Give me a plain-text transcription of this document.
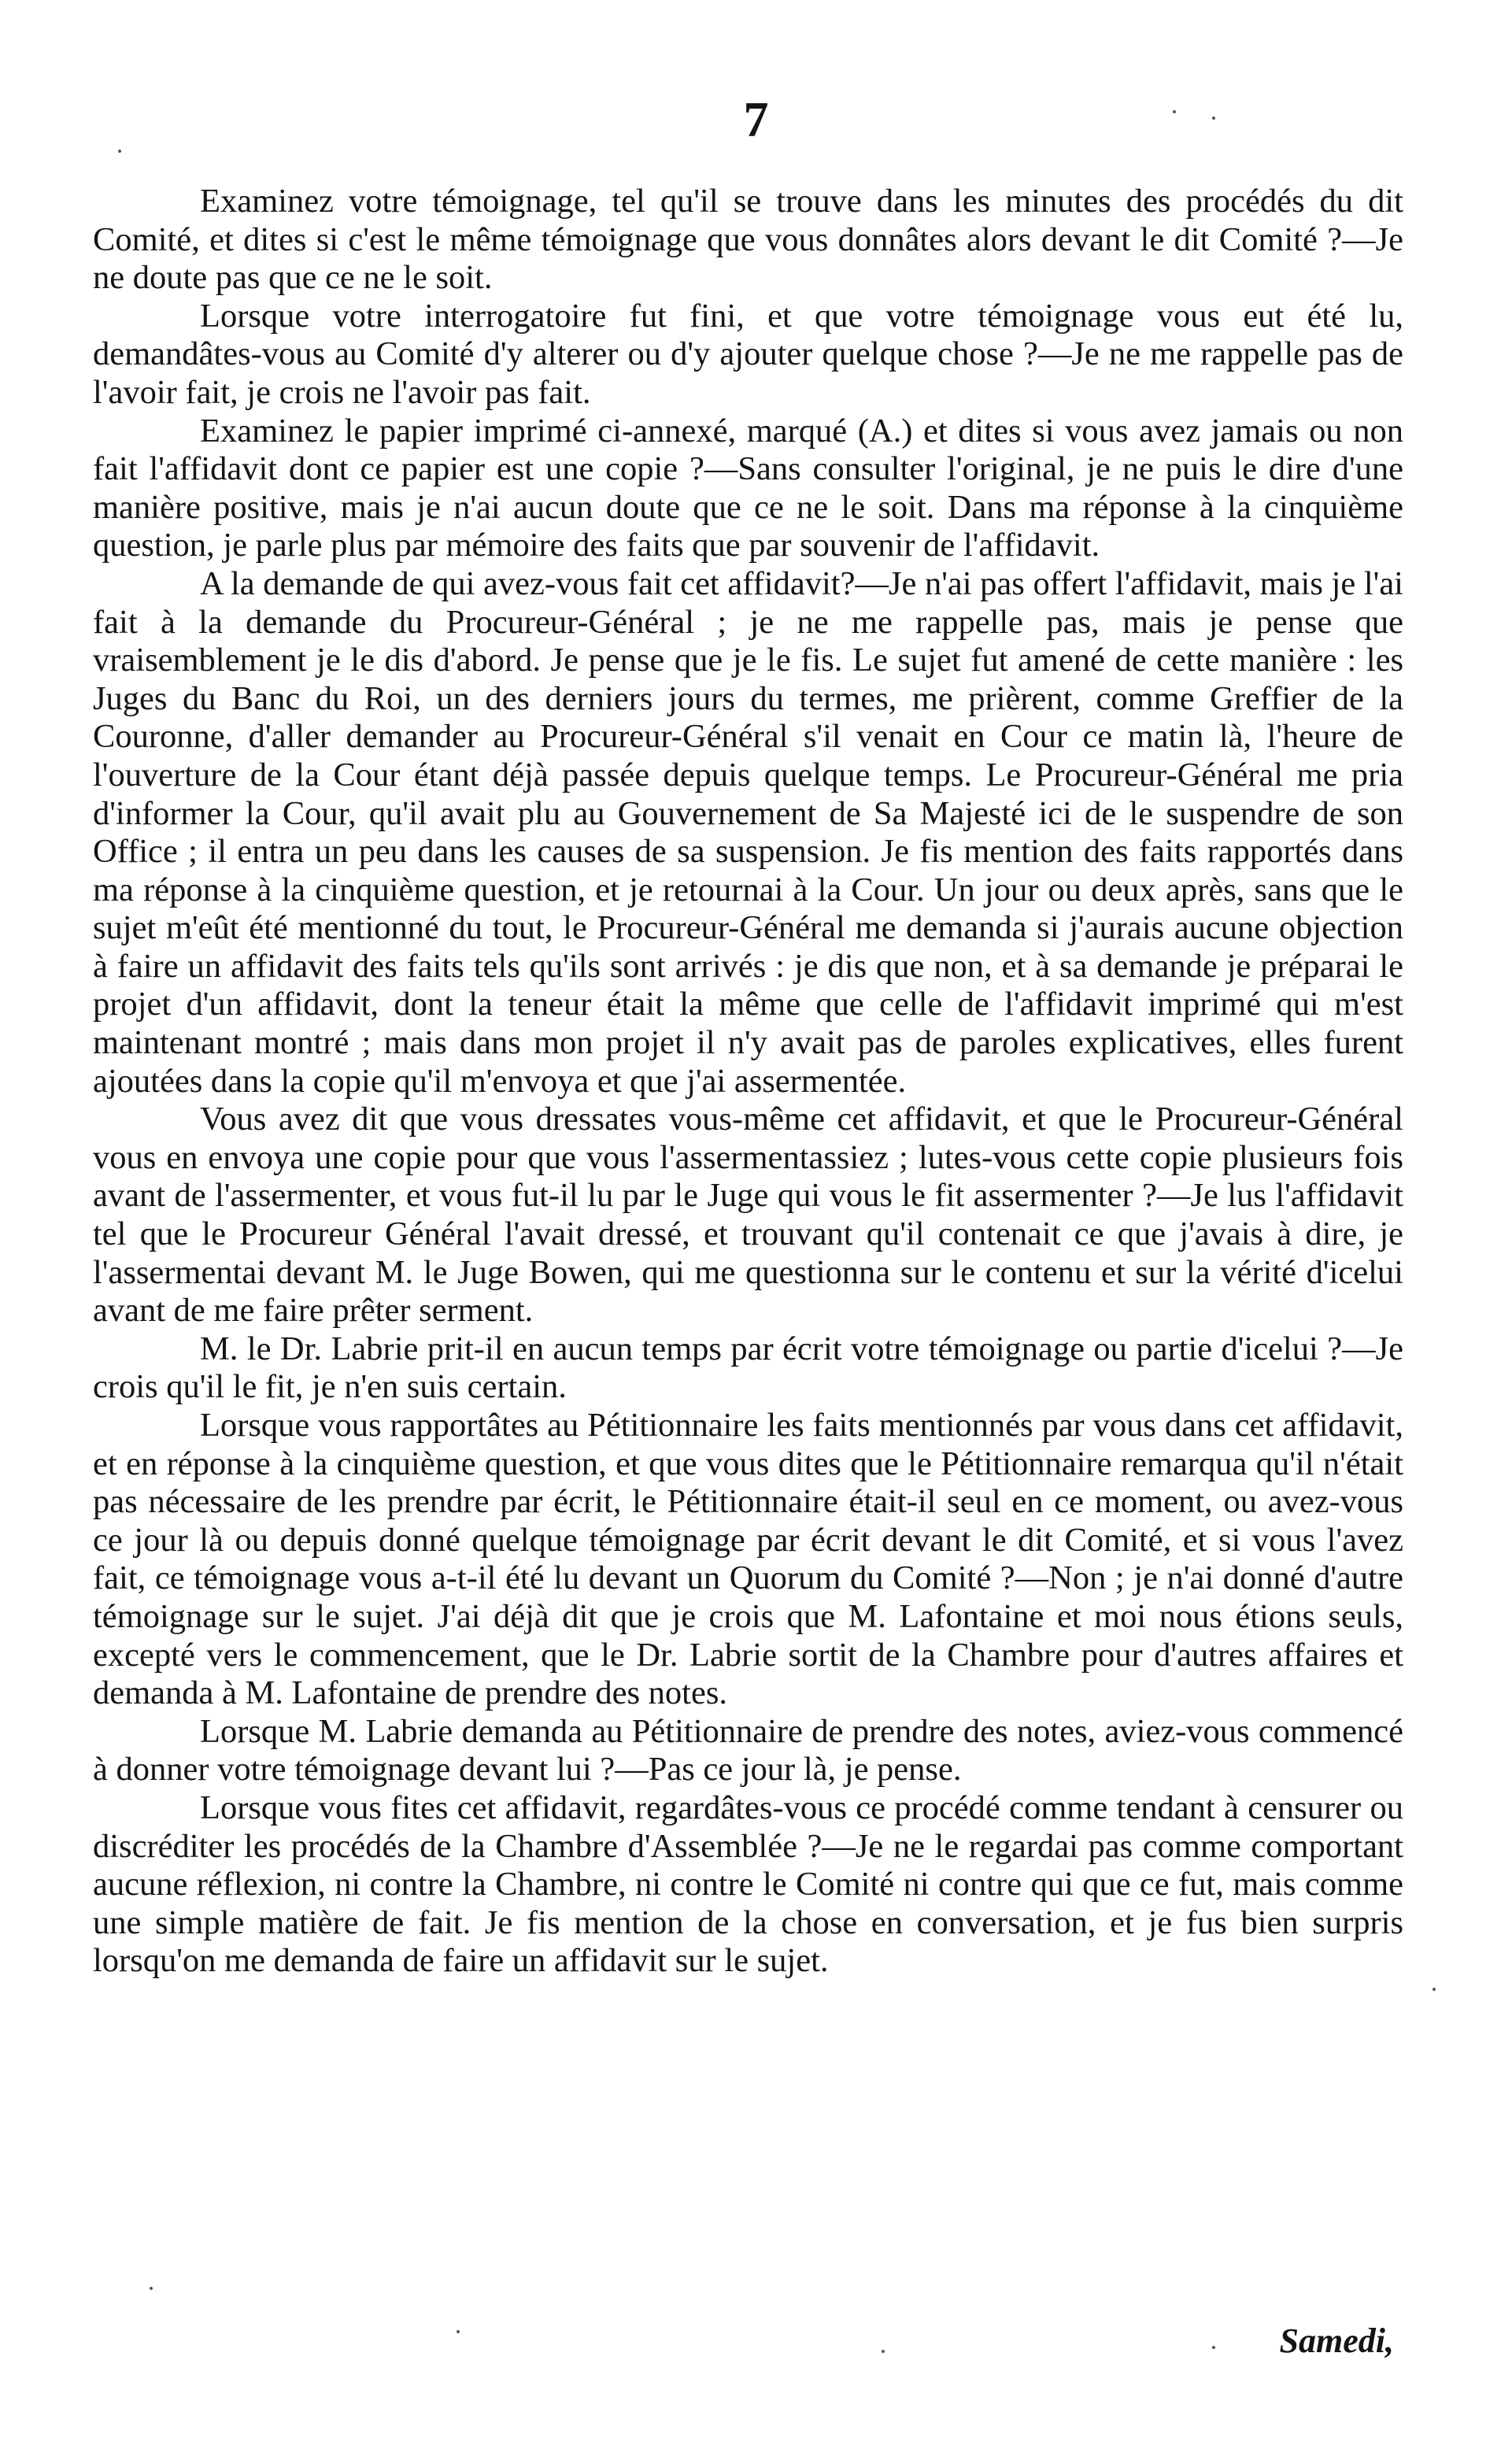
7

Examinez votre témoignage, tel qu'il se trouve dans les minutes des procédés du dit Comité, et dites si c'est le même témoignage que vous donnâtes alors devant le dit Comité ?—Je ne doute pas que ce ne le soit.

Lorsque votre interrogatoire fut fini, et que votre témoignage vous eut été lu, demandâtes-vous au Comité d'y alterer ou d'y ajouter quelque chose ?—Je ne me rappelle pas de l'avoir fait, je crois ne l'avoir pas fait.

Examinez le papier imprimé ci-annexé, marqué (A.) et dites si vous avez jamais ou non fait l'affidavit dont ce papier est une copie ?—Sans consulter l'original, je ne puis le dire d'une manière positive, mais je n'ai aucun doute que ce ne le soit. Dans ma réponse à la cinquième question, je parle plus par mémoire des faits que par souvenir de l'affidavit.

A la demande de qui avez-vous fait cet affidavit?—Je n'ai pas offert l'affidavit, mais je l'ai fait à la demande du Procureur-Général ; je ne me rappelle pas, mais je pense que vraisemblement je le dis d'abord. Je pense que je le fis. Le sujet fut amené de cette manière : les Juges du Banc du Roi, un des derniers jours du termes, me prièrent, comme Greffier de la Couronne, d'aller demander au Procureur-Général s'il venait en Cour ce matin là, l'heure de l'ouverture de la Cour étant déjà passée depuis quelque temps. Le Procureur-Général me pria d'informer la Cour, qu'il avait plu au Gouvernement de Sa Majesté ici de le suspendre de son Office ; il entra un peu dans les causes de sa suspension. Je fis mention des faits rapportés dans ma réponse à la cinquième question, et je retournai à la Cour. Un jour ou deux après, sans que le sujet m'eût été mentionné du tout, le Procureur-Général me demanda si j'aurais aucune objection à faire un affidavit des faits tels qu'ils sont arrivés : je dis que non, et à sa demande je préparai le projet d'un affidavit, dont la teneur était la même que celle de l'affidavit imprimé qui m'est maintenant montré ; mais dans mon projet il n'y avait pas de paroles explicatives, elles furent ajoutées dans la copie qu'il m'envoya et que j'ai assermentée.

Vous avez dit que vous dressates vous-même cet affidavit, et que le Procureur-Général vous en envoya une copie pour que vous l'assermentassiez ; lutes-vous cette copie plusieurs fois avant de l'assermenter, et vous fut-il lu par le Juge qui vous le fit assermenter ?—Je lus l'affidavit tel que le Procureur Général l'avait dressé, et trouvant qu'il contenait ce que j'avais à dire, je l'assermentai devant M. le Juge Bowen, qui me questionna sur le contenu et sur la vérité d'icelui avant de me faire prêter serment.

M. le Dr. Labrie prit-il en aucun temps par écrit votre témoignage ou partie d'icelui ?—Je crois qu'il le fit, je n'en suis certain.

Lorsque vous rapportâtes au Pétitionnaire les faits mentionnés par vous dans cet affidavit, et en réponse à la cinquième question, et que vous dites que le Pétitionnaire remarqua qu'il n'était pas nécessaire de les prendre par écrit, le Pétitionnaire était-il seul en ce moment, ou avez-vous ce jour là ou depuis donné quelque témoignage par écrit devant le dit Comité, et si vous l'avez fait, ce témoignage vous a-t-il été lu devant un Quorum du Comité ?—Non ; je n'ai donné d'autre témoignage sur le sujet. J'ai déjà dit que je crois que M. Lafontaine et moi nous étions seuls, excepté vers le commencement, que le Dr. Labrie sortit de la Chambre pour d'autres affaires et demanda à M. Lafontaine de prendre des notes.

Lorsque M. Labrie demanda au Pétitionnaire de prendre des notes, aviez-vous commencé à donner votre témoignage devant lui ?—Pas ce jour là, je pense.

Lorsque vous fites cet affidavit, regardâtes-vous ce procédé comme tendant à censurer ou discréditer les procédés de la Chambre d'Assemblée ?—Je ne le regardai pas comme comportant aucune réflexion, ni contre la Chambre, ni contre le Comité ni contre qui que ce fut, mais comme une simple matière de fait. Je fis mention de la chose en conversation, et je fus bien surpris lorsqu'on me demanda de faire un affidavit sur le sujet.

Samedi,
